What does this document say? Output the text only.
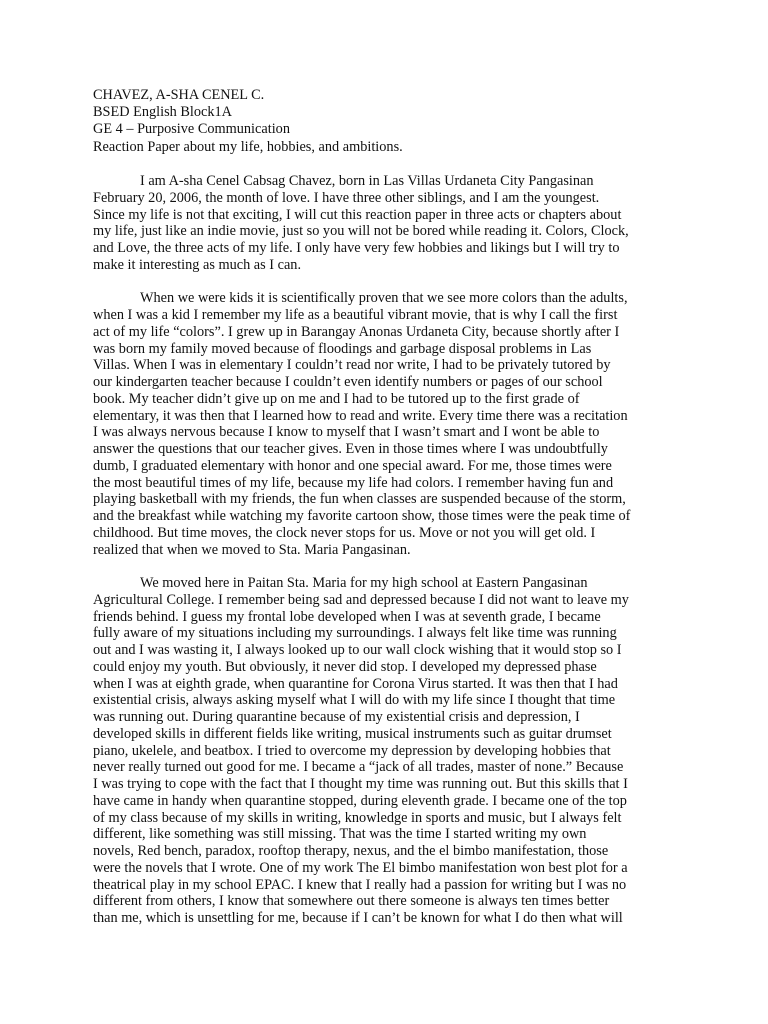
CHAVEZ, A-SHA CENEL C.
BSED English Block1A
GE 4 – Purposive Communication
Reaction Paper about my life, hobbies, and ambitions.

I am A-sha Cenel Cabsag Chavez, born in Las Villas Urdaneta City Pangasinan
February 20, 2006, the month of love. I have three other siblings, and I am the youngest.
Since my life is not that exciting, I will cut this reaction paper in three acts or chapters about
my life, just like an indie movie, just so you will not be bored while reading it. Colors, Clock,
and Love, the three acts of my life. I only have very few hobbies and likings but I will try to
make it interesting as much as I can.

When we were kids it is scientifically proven that we see more colors than the adults,
when I was a kid I remember my life as a beautiful vibrant movie, that is why I call the first
act of my life “colors”. I grew up in Barangay Anonas Urdaneta City, because shortly after I
was born my family moved because of floodings and garbage disposal problems in Las
Villas. When I was in elementary I couldn’t read nor write, I had to be privately tutored by
our kindergarten teacher because I couldn’t even identify numbers or pages of our school
book. My teacher didn’t give up on me and I had to be tutored up to the first grade of
elementary, it was then that I learned how to read and write. Every time there was a recitation
I was always nervous because I know to myself that I wasn’t smart and I wont be able to
answer the questions that our teacher gives. Even in those times where I was undoubtfully
dumb, I graduated elementary with honor and one special award. For me, those times were
the most beautiful times of my life, because my life had colors. I remember having fun and
playing basketball with my friends, the fun when classes are suspended because of the storm,
and the breakfast while watching my favorite cartoon show, those times were the peak time of
childhood. But time moves, the clock never stops for us. Move or not you will get old. I
realized that when we moved to Sta. Maria Pangasinan.

We moved here in Paitan Sta. Maria for my high school at Eastern Pangasinan
Agricultural College. I remember being sad and depressed because I did not want to leave my
friends behind. I guess my frontal lobe developed when I was at seventh grade, I became
fully aware of my situations including my surroundings. I always felt like time was running
out and I was wasting it, I always looked up to our wall clock wishing that it would stop so I
could enjoy my youth. But obviously, it never did stop. I developed my depressed phase
when I was at eighth grade, when quarantine for Corona Virus started. It was then that I had
existential crisis, always asking myself what I will do with my life since I thought that time
was running out. During quarantine because of my existential crisis and depression, I
developed skills in different fields like writing, musical instruments such as guitar drumset
piano, ukelele, and beatbox. I tried to overcome my depression by developing hobbies that
never really turned out good for me. I became a “jack of all trades, master of none.” Because
I was trying to cope with the fact that I thought my time was running out. But this skills that I
have came in handy when quarantine stopped, during eleventh grade. I became one of the top
of my class because of my skills in writing, knowledge in sports and music, but I always felt
different, like something was still missing. That was the time I started writing my own
novels, Red bench, paradox, rooftop therapy, nexus, and the el bimbo manifestation, those
were the novels that I wrote. One of my work The El bimbo manifestation won best plot for a
theatrical play in my school EPAC. I knew that I really had a passion for writing but I was no
different from others, I know that somewhere out there someone is always ten times better
than me, which is unsettling for me, because if I can’t be known for what I do then what will
